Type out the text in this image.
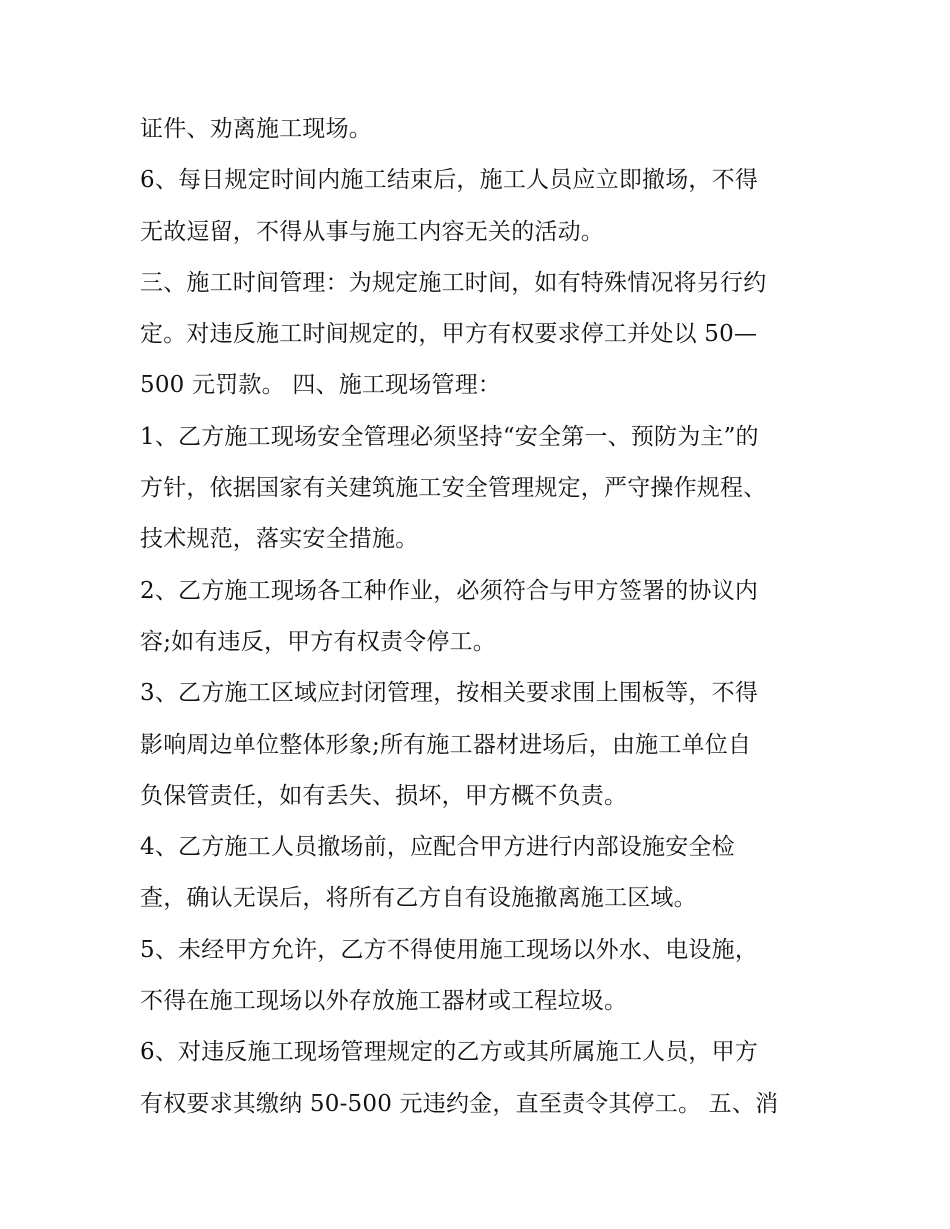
证件、劝离施工现场。
6、每日规定时间内施工结束后，施工人员应立即撤场，不得
无故逗留，不得从事与施工内容无关的活动。
三、施工时间管理：为规定施工时间，如有特殊情况将另行约
定。对违反施工时间规定的，甲方有权要求停工并处以 50—
500 元罚款。 四、施工现场管理：
1、乙方施工现场安全管理必须坚持“安全第一、预防为主”的
方针，依据国家有关建筑施工安全管理规定，严守操作规程、
技术规范，落实安全措施。
2、乙方施工现场各工种作业，必须符合与甲方签署的协议内
容;如有违反，甲方有权责令停工。
3、乙方施工区域应封闭管理，按相关要求围上围板等，不得
影响周边单位整体形象;所有施工器材进场后，由施工单位自
负保管责任，如有丢失、损坏，甲方概不负责。
4、乙方施工人员撤场前，应配合甲方进行内部设施安全检
查，确认无误后，将所有乙方自有设施撤离施工区域。
5、未经甲方允许，乙方不得使用施工现场以外水、电设施，
不得在施工现场以外存放施工器材或工程垃圾。
6、对违反施工现场管理规定的乙方或其所属施工人员，甲方
有权要求其缴纳 50-500 元违约金，直至责令其停工。 五、消
